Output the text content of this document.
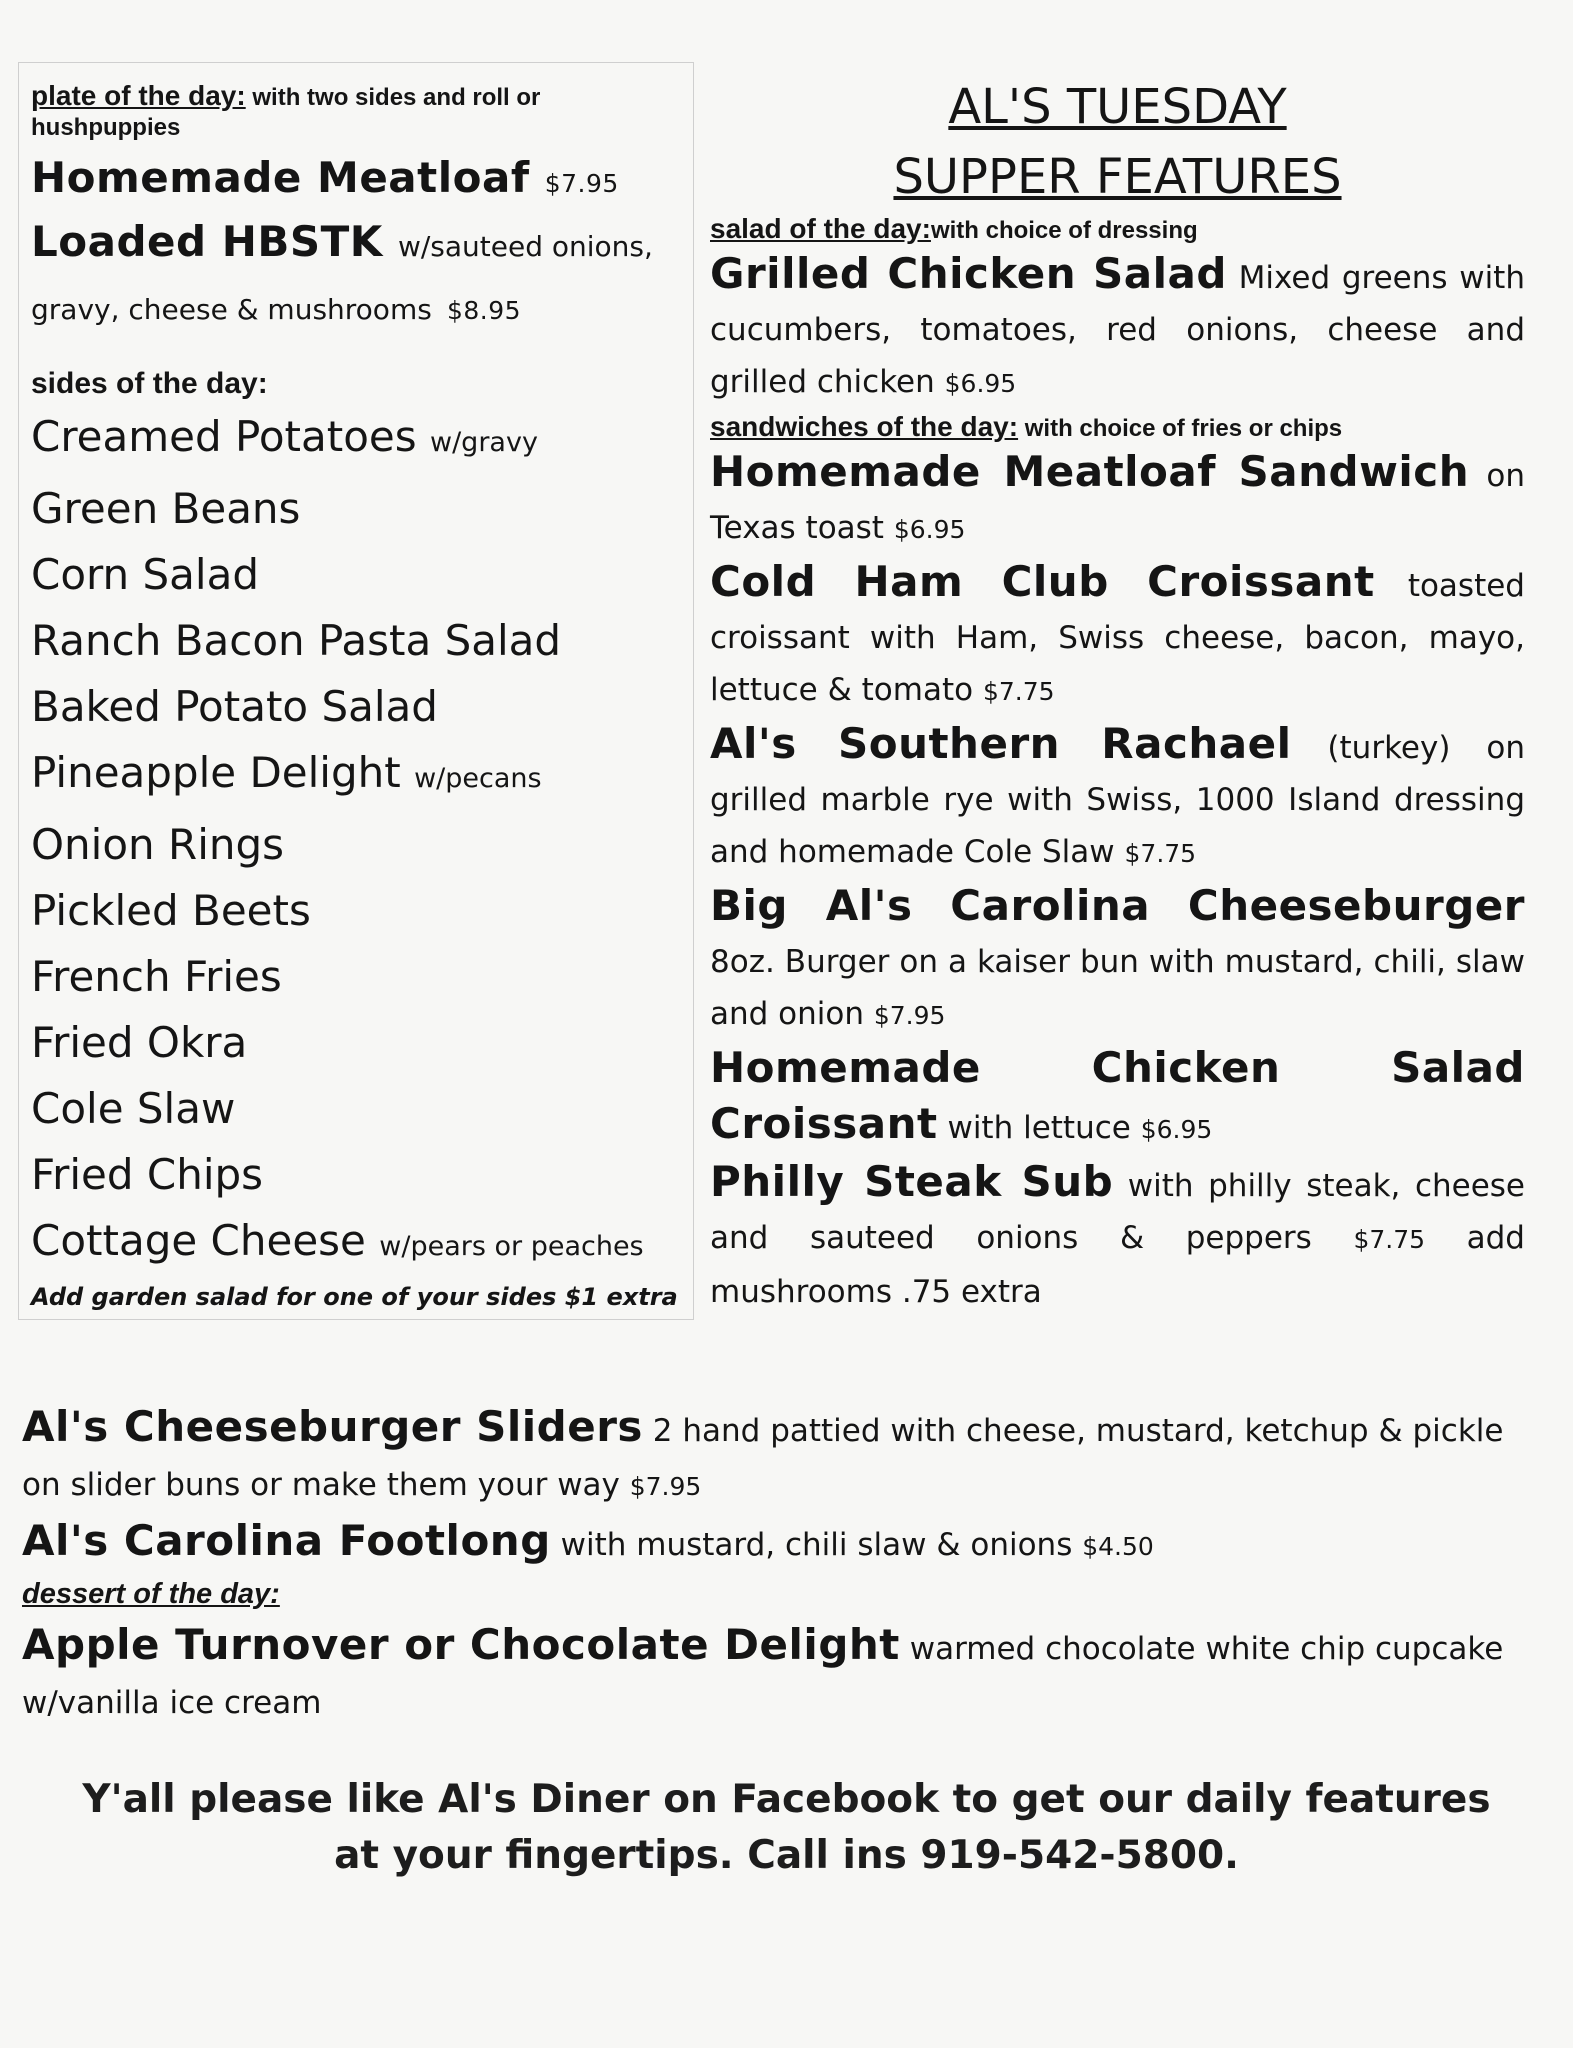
plate of the day: with two sides and roll or hushpuppies
Homemade Meatloaf $7.95
Loaded HBSTK w/sauteed onions, gravy, cheese & mushrooms $8.95
sides of the day:
Creamed Potatoes w/gravy
Green Beans
Corn Salad
Ranch Bacon Pasta Salad
Baked Potato Salad
Pineapple Delight w/pecans
Onion Rings
Pickled Beets
French Fries
Fried Okra
Cole Slaw
Fried Chips
Cottage Cheese w/pears or peaches
Add garden salad for one of your sides $1 extra
AL'S TUESDAY
SUPPER FEATURES
salad of the day:with choice of dressing
Grilled Chicken Salad Mixed greens with cucumbers, tomatoes, red onions, cheese and grilled chicken $6.95
sandwiches of the day: with choice of fries or chips
Homemade Meatloaf Sandwich on Texas toast $6.95
Cold Ham Club Croissant toasted croissant with Ham, Swiss cheese, bacon, mayo, lettuce & tomato $7.75
Al's Southern Rachael (turkey) on grilled marble rye with Swiss, 1000 Island dressing and homemade Cole Slaw $7.75
Big Al's Carolina Cheeseburger 8oz. Burger on a kaiser bun with mustard, chili, slaw and onion $7.95
Homemade Chicken Salad Croissant with lettuce $6.95
Philly Steak Sub with philly steak, cheese and sauteed onions & peppers $7.75 add mushrooms .75 extra
Al's Cheeseburger Sliders 2 hand pattied with cheese, mustard, ketchup & pickle on slider buns or make them your way $7.95
Al's Carolina Footlong with mustard, chili slaw & onions $4.50
dessert of the day:
Apple Turnover or Chocolate Delight warmed chocolate white chip cupcake w/vanilla ice cream
Y'all please like Al's Diner on Facebook to get our daily features
at your fingertips. Call ins 919-542-5800.
